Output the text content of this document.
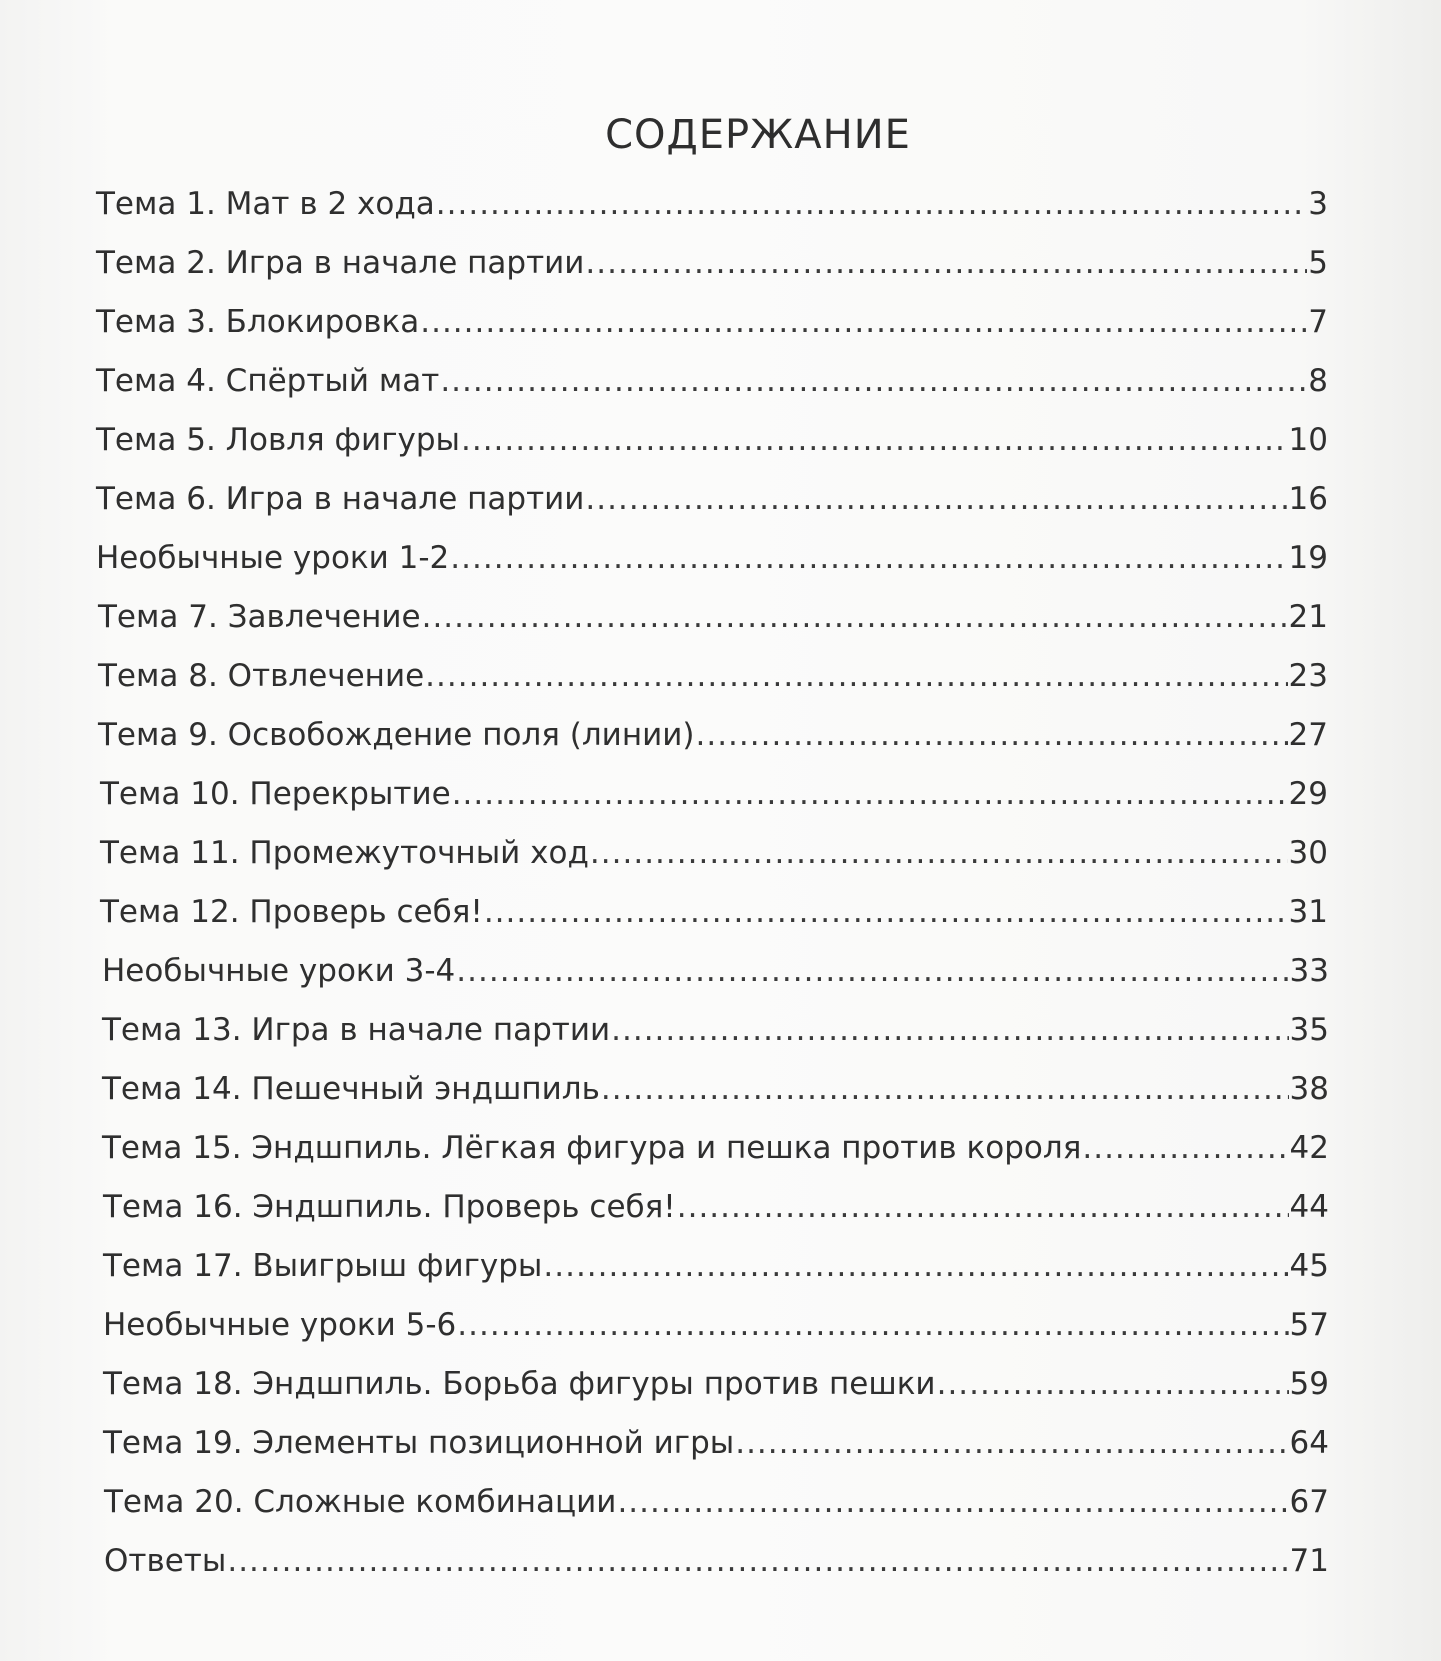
СОДЕРЖАНИЕ
Тема 1. Мат в 2 хода .....	3
Тема 2. Игра в начале партии .....	5
Тема 3. Блокировка .....	7
Тема 4. Спёртый мат .....	8
Тема 5. Ловля фигуры .....	10
Тема 6. Игра в начале партии .....	16
Необычные уроки 1-2 .....	19
Тема 7. Завлечение .....	21
Тема 8. Отвлечение .....	23
Тема 9. Освобождение поля (линии) .....	27
Тема 10. Перекрытие .....	29
Тема 11. Промежуточный ход .....	30
Тема 12. Проверь себя! .....	31
Необычные уроки 3-4 .....	33
Тема 13. Игра в начале партии .....	35
Тема 14. Пешечный эндшпиль .....	38
Тема 15. Эндшпиль. Лёгкая фигура и пешка против короля .....	42
Тема 16. Эндшпиль. Проверь себя! .....	44
Тема 17. Выигрыш фигуры .....	45
Необычные уроки 5-6 .....	57
Тема 18. Эндшпиль. Борьба фигуры против пешки .....	59
Тема 19. Элементы позиционной игры .....	64
Тема 20. Сложные комбинации .....	67
Ответы .....	71
